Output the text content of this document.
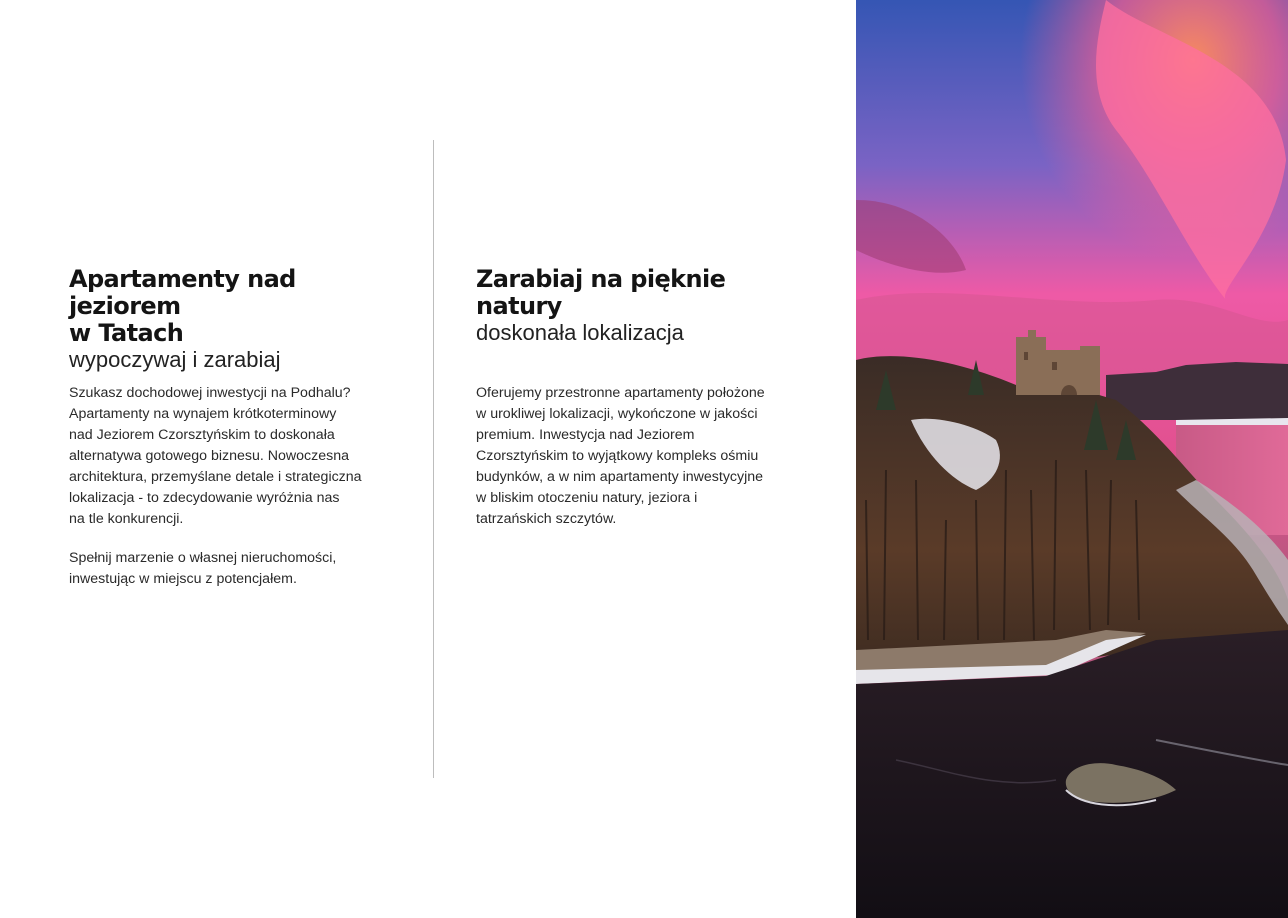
Apartamenty nad jeziorem
w Tatach

wypoczywaj i zarabiaj

Szukasz dochodowej inwestycji na Podhalu?
Apartamenty na wynajem krótkoterminowy
nad Jeziorem Czorsztyńskim to doskonała
alternatywa gotowego biznesu. Nowoczesna
architektura, przemyślane detale i strategiczna
lokalizacja - to zdecydowanie wyróżnia nas
na tle konkurencji.

Spełnij marzenie o własnej nieruchomości,
inwestując w miejscu z potencjałem.

Zarabiaj na pięknie natury

doskonała lokalizacja

Oferujemy przestronne apartamenty położone
w urokliwej lokalizacji, wykończone w jakości
premium. Inwestycja nad Jeziorem
Czorsztyńskim to wyjątkowy kompleks ośmiu
budynków, a w nim apartamenty inwestycyjne
w bliskim otoczeniu natury, jeziora i
tatrzańskich szczytów.
